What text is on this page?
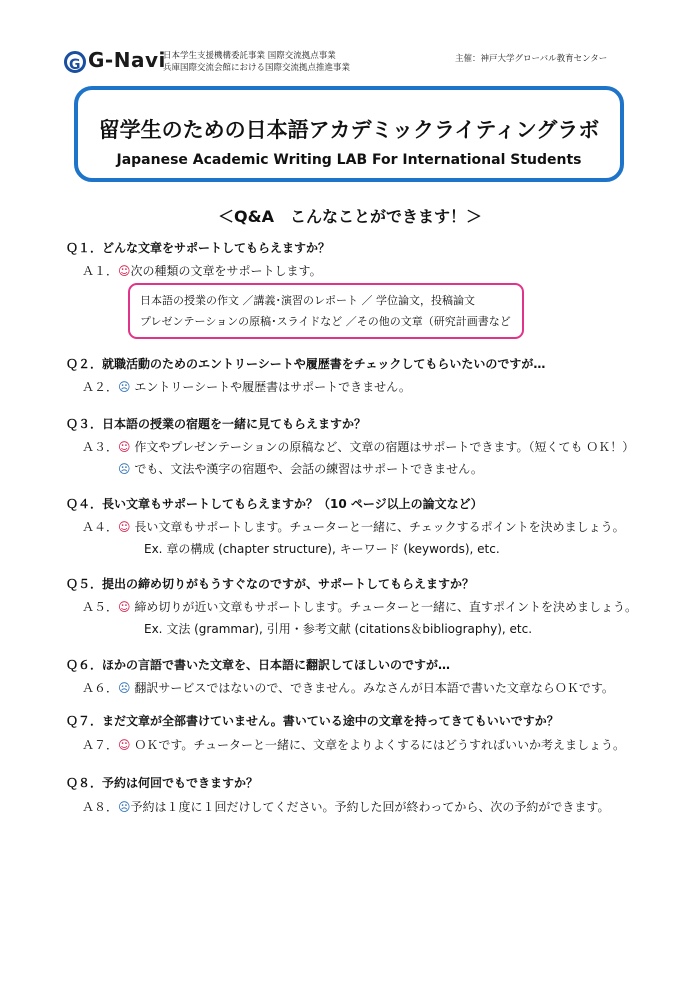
G G-Navi
日本学生支援機構委託事業 国際交流拠点事業
兵庫国際交流会館における国際交流拠点推進事業
主催：神戸大学グローバル教育センター
留学生のための日本語アカデミックライティングラボ
Japanese Academic Writing LAB For International Students
＜Q&A　こんなことができます！＞
Ｑ１．どんな文章をサポートしてもらえますか？
Ａ１．☺次の種類の文章をサポートします。
日本語の授業の作文 ／講義･演習のレポート ／ 学位論文，投稿論文
プレゼンテーションの原稿･スライドなど ／その他の文章（研究計画書など
Ｑ２．就職活動のためのエントリーシートや履歴書をチェックしてもらいたいのですが…
Ａ２．☹ エントリーシートや履歴書はサポートできません。
Ｑ３．日本語の授業の宿題を一緒に見てもらえますか？
Ａ３．☺ 作文やプレゼンテーションの原稿など、文章の宿題はサポートできます。（短くても ＯＫ！）
☹ でも、文法や漢字の宿題や、会話の練習はサポートできません。
Ｑ４．長い文章もサポートしてもらえますか？（10 ページ以上の論文など）
Ａ４．☺ 長い文章もサポートします。チューターと一緒に、チェックするポイントを決めましょう。
Ex. 章の構成 (chapter structure), キーワード (keywords), etc.
Ｑ５．提出の締め切りがもうすぐなのですが、サポートしてもらえますか？
Ａ５．☺ 締め切りが近い文章もサポートします。チューターと一緒に、直すポイントを決めましょう。
Ex. 文法 (grammar), 引用・参考文献 (citations＆bibliography), etc.
Ｑ６．ほかの言語で書いた文章を、日本語に翻訳してほしいのですが…
Ａ６．☹ 翻訳サービスではないので、できません。みなさんが日本語で書いた文章ならＯＫです。
Ｑ７．まだ文章が全部書けていません。書いている途中の文章を持ってきてもいいですか？
Ａ７．☺ ＯＫです。チューターと一緒に、文章をよりよくするにはどうすればいいか考えましょう。
Ｑ８．予約は何回でもできますか？
Ａ８．☹予約は１度に１回だけしてください。予約した回が終わってから、次の予約ができます。
